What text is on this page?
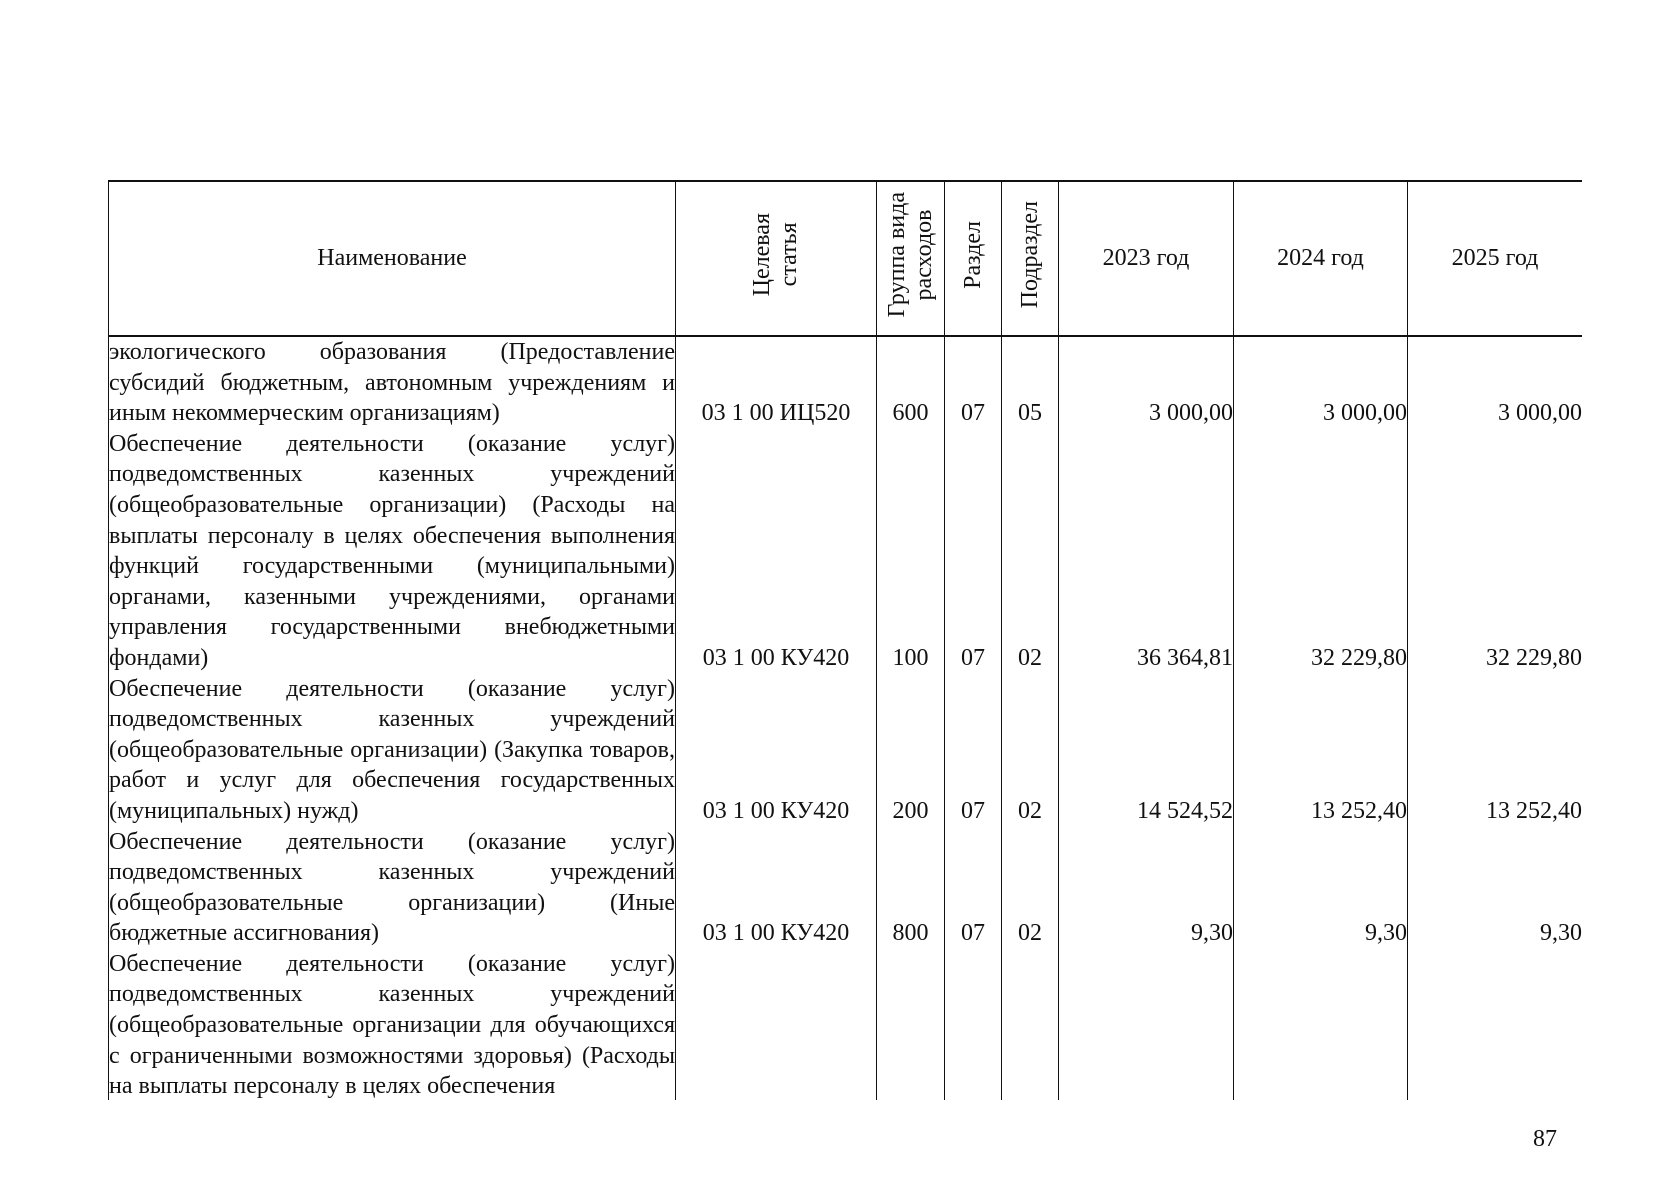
Наименование	Целевая статья	Группа вида расходов	Раздел	Подраздел	2023 год	2024 год	2025 год
экологического образования (Предоставление субсидий бюджетным, автономным учреждениям и иным некоммерческим организациям)	03 1 00 ИЦ520	600	07	05	3 000,00	3 000,00	3 000,00
Обеспечение деятельности (оказание услуг) подведомственных казенных учреждений (общеобразовательные организации) (Расходы на выплаты персоналу в целях обеспечения выполнения функций государственными (муниципальными) органами, казенными учреждениями, органами управления государственными внебюджетными фондами)	03 1 00 КУ420	100	07	02	36 364,81	32 229,80	32 229,80
Обеспечение деятельности (оказание услуг) подведомственных казенных учреждений (общеобразовательные организации) (Закупка товаров, работ и услуг для обеспечения государственных (муниципальных) нужд)	03 1 00 КУ420	200	07	02	14 524,52	13 252,40	13 252,40
Обеспечение деятельности (оказание услуг) подведомственных казенных учреждений (общеобразовательные организации) (Иные бюджетные ассигнования)	03 1 00 КУ420	800	07	02	9,30	9,30	9,30
Обеспечение деятельности (оказание услуг) подведомственных казенных учреждений (общеобразовательные организации для обучающихся с ограниченными возможностями здоровья) (Расходы на выплаты персоналу в целях обеспечения							
87
